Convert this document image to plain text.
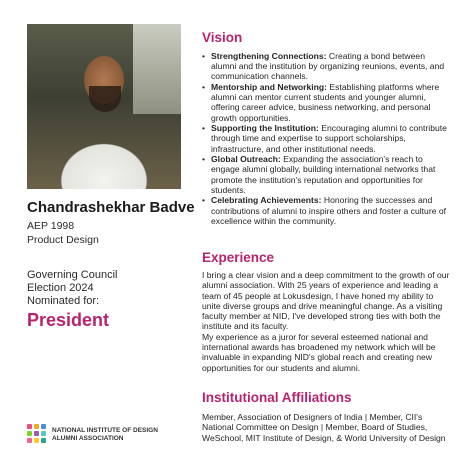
Chandrashekhar Badve
AEP 1998
Product Design
Governing Council
Election 2024
Nominated for:
President
NATIONAL INSTITUTE OF DESIGN
ALUMNI ASSOCIATION
Vision
• Strengthening Connections: Creating a bond between alumni and the institution by organizing reunions, events, and communication channels.
• Mentorship and Networking: Establishing platforms where alumni can mentor current students and younger alumni, offering career advice, business networking, and personal growth opportunities.
• Supporting the Institution: Encouraging alumni to contribute through time and expertise to support scholarships, infrastructure, and other institutional needs.
• Global Outreach: Expanding the association's reach to engage alumni globally, building international networks that promote the institution's reputation and opportunities for students.
• Celebrating Achievements: Honoring the successes and contributions of alumni to inspire others and foster a culture of excellence within the community.
Experience
I bring a clear vision and a deep commitment to the growth of our alumni association. With 25 years of experience and leading a team of 45 people at Lokusdesign, I have honed my ability to unite diverse groups and drive meaningful change. As a visiting faculty member at NID, I've developed strong ties with both the institute and its faculty.
My experience as a juror for several esteemed national and international awards has broadened my network which will be invaluable in expanding NID's global reach and creating new opportunities for our students and alumni.
Institutional Affiliations
Member, Association of Designers of India | Member, CII's National Committee on Design | Member, Board of Studies, WeSchool, MIT Institute of Design, & World University of Design
